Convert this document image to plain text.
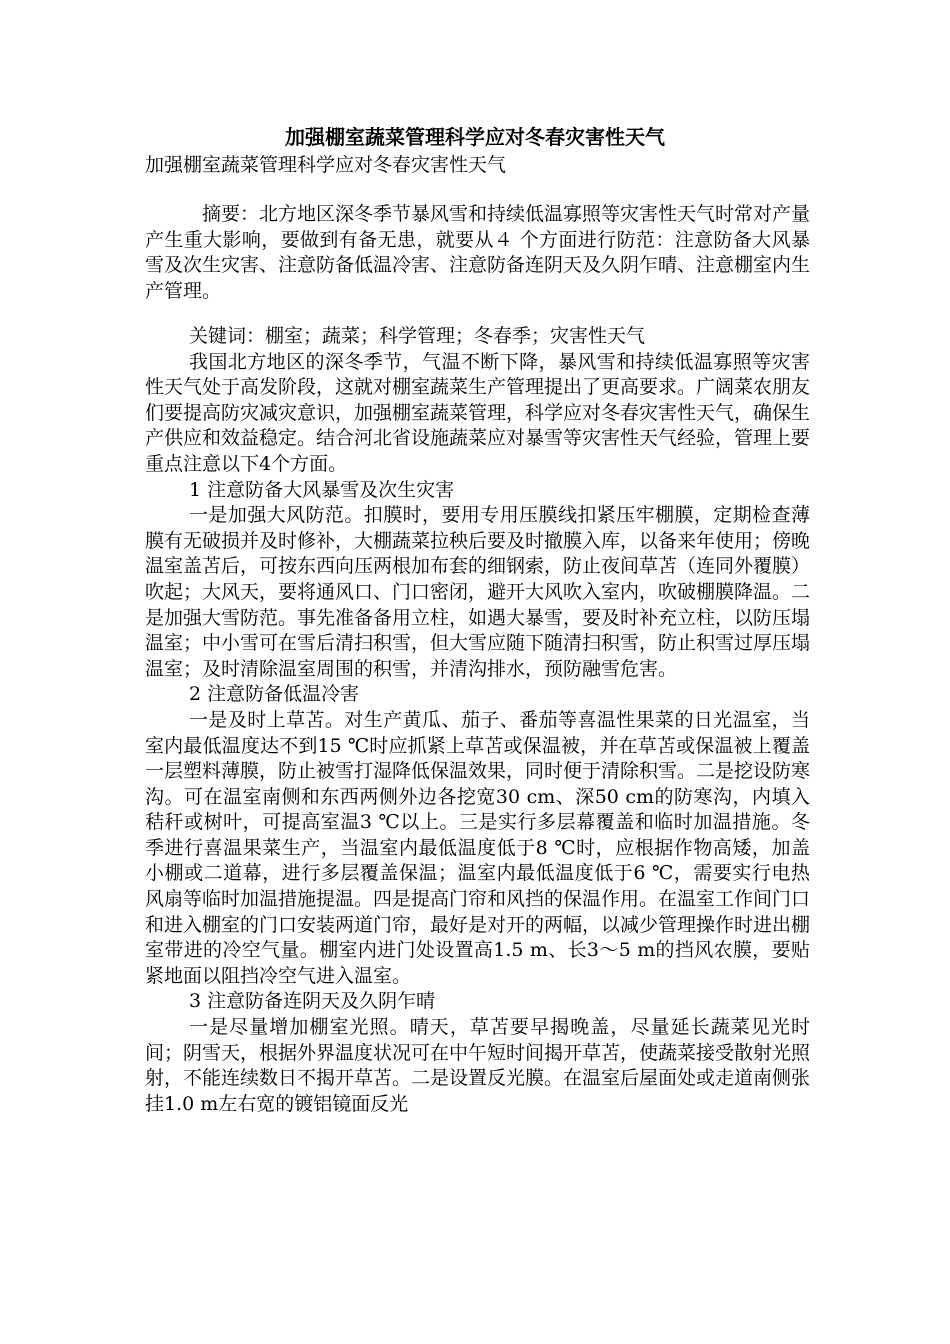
加强棚室蔬菜管理科学应对冬春灾害性天气
加强棚室蔬菜管理科学应对冬春灾害性天气
摘要：北方地区深冬季节暴风雪和持续低温寡照等灾害性天气时常对产量产生重大影响，要做到有备无患，就要从４ 个方面进行防范：注意防备大风暴雪及次生灾害、注意防备低温冷害、注意防备连阴天及久阴乍晴、注意棚室内生产管理。

关键词：棚室；蔬菜；科学管理；冬春季；灾害性天气

我国北方地区的深冬季节，气温不断下降，暴风雪和持续低温寡照等灾害性天气处于高发阶段，这就对棚室蔬菜生产管理提出了更高要求。广阔菜农朋友们要提高防灾减灾意识，加强棚室蔬菜管理，科学应对冬春灾害性天气，确保生产供应和效益稳定。结合河北省设施蔬菜应对暴雪等灾害性天气经验，管理上要重点注意以下4个方面。

1 注意防备大风暴雪及次生灾害

一是加强大风防范。扣膜时，要用专用压膜线扣紧压牢棚膜，定期检查薄膜有无破损并及时修补，大棚蔬菜拉秧后要及时撤膜入库，以备来年使用；傍晚温室盖苫后，可按东西向压两根加布套的细钢索，防止夜间草苫（连同外覆膜）吹起；大风天，要将通风口、门口密闭，避开大风吹入室内，吹破棚膜降温。二是加强大雪防范。事先准备备用立柱，如遇大暴雪，要及时补充立柱，以防压塌温室；中小雪可在雪后清扫积雪，但大雪应随下随清扫积雪，防止积雪过厚压塌温室；及时清除温室周围的积雪，并清沟排水，预防融雪危害。

2 注意防备低温冷害

一是及时上草苫。对生产黄瓜、茄子、番茄等喜温性果菜的日光温室，当室内最低温度达不到15 ℃时应抓紧上草苫或保温被，并在草苫或保温被上覆盖一层塑料薄膜，防止被雪打湿降低保温效果，同时便于清除积雪。二是挖设防寒沟。可在温室南侧和东西两侧外边各挖宽30 cm、深50 cm的防寒沟，内填入秸秆或树叶，可提高室温3 ℃以上。三是实行多层幕覆盖和临时加温措施。冬季进行喜温果菜生产，当温室内最低温度低于8 ℃时，应根据作物高矮，加盖小棚或二道幕，进行多层覆盖保温；温室内最低温度低于6 ℃，需要实行电热风扇等临时加温措施提温。四是提高门帘和风挡的保温作用。在温室工作间门口和进入棚室的门口安装两道门帘，最好是对开的两幅，以减少管理操作时进出棚室带进的冷空气量。棚室内进门处设置高1.5 m、长3～5 m的挡风农膜，要贴紧地面以阻挡冷空气进入温室。

3 注意防备连阴天及久阴乍晴

一是尽量增加棚室光照。晴天，草苫要早揭晚盖，尽量延长蔬菜见光时间；阴雪天，根据外界温度状况可在中午短时间揭开草苫，使蔬菜接受散射光照射，不能连续数日不揭开草苫。二是设置反光膜。在温室后屋面处或走道南侧张挂1.0 m左右宽的镀铝镜面反光
